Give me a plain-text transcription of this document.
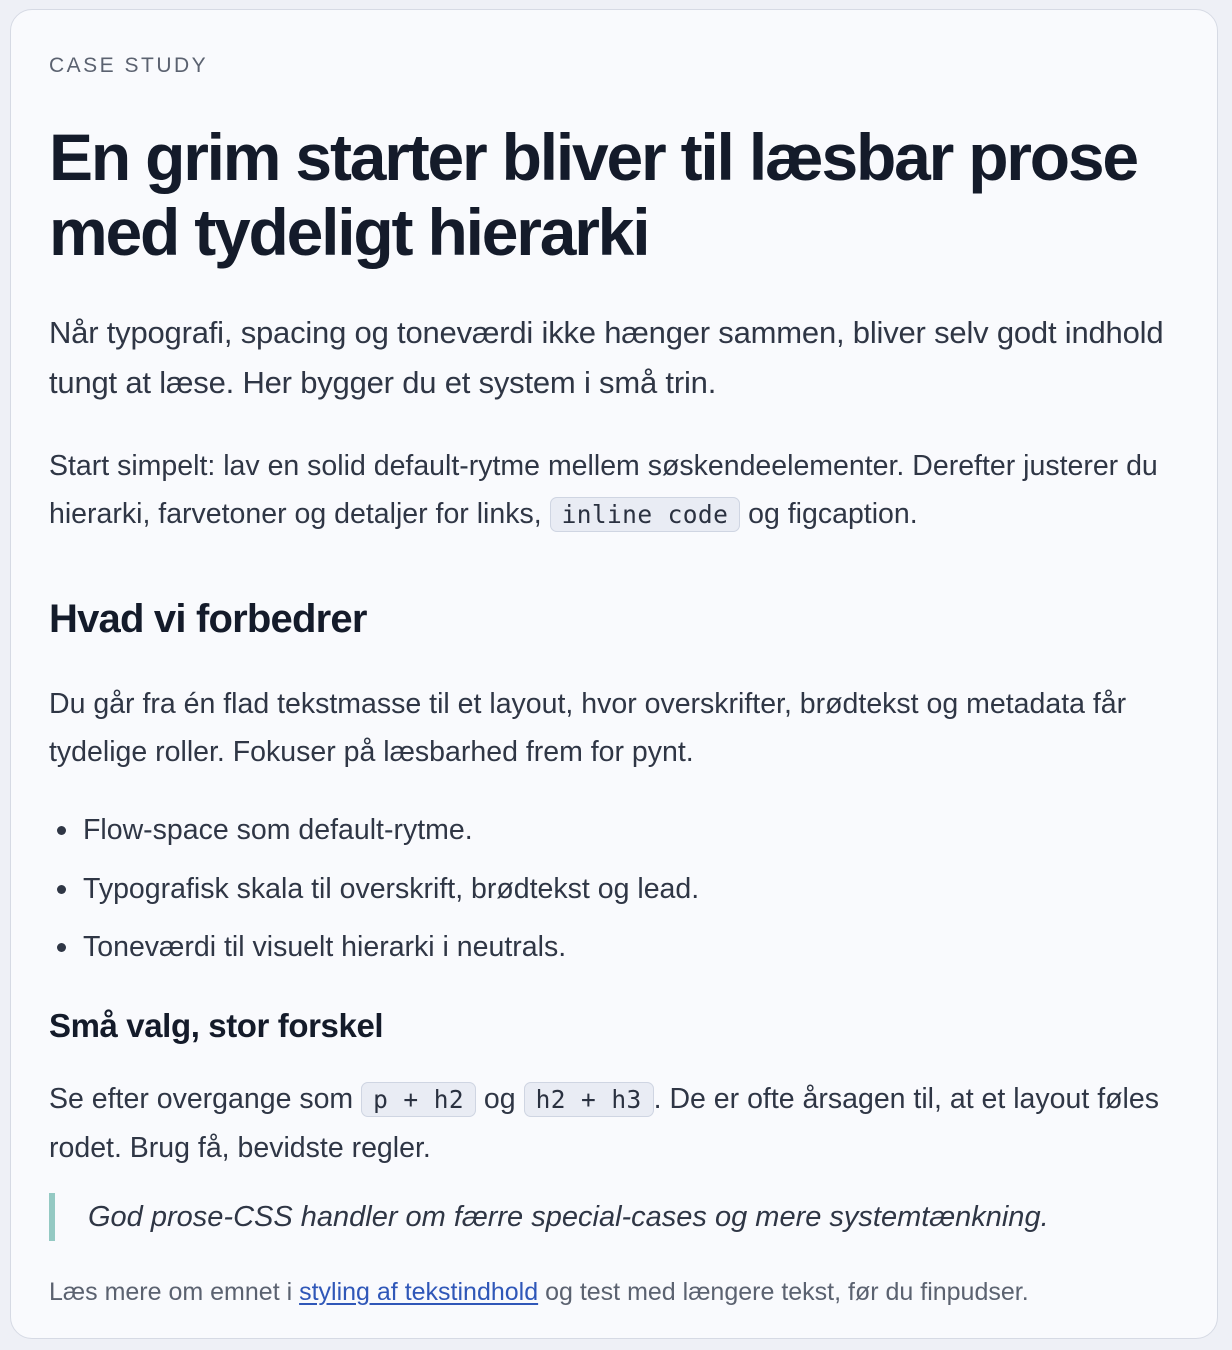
CASE STUDY

En grim starter bliver til læsbar prose med tydeligt hierarki

Når typografi, spacing og toneværdi ikke hænger sammen, bliver selv godt indhold tungt at læse. Her bygger du et system i små trin.

Start simpelt: lav en solid default-rytme mellem søskendeelementer. Derefter justerer du hierarki, farvetoner og detaljer for links, inline code og figcaption.

Hvad vi forbedrer

Du går fra én flad tekstmasse til et layout, hvor overskrifter, brødtekst og metadata får tydelige roller. Fokuser på læsbarhed frem for pynt.

Flow-space som default-rytme.
Typografisk skala til overskrift, brødtekst og lead.
Toneværdi til visuelt hierarki i neutrals.
Små valg, stor forskel

Se efter overgange som p + h2 og h2 + h3 . De er ofte årsagen til, at et layout føles rodet. Brug få, bevidste regler.

God prose-CSS handler om færre special-cases og mere systemtænkning.

Læs mere om emnet i styling af tekstindhold og test med længere tekst, før du finpudser.
